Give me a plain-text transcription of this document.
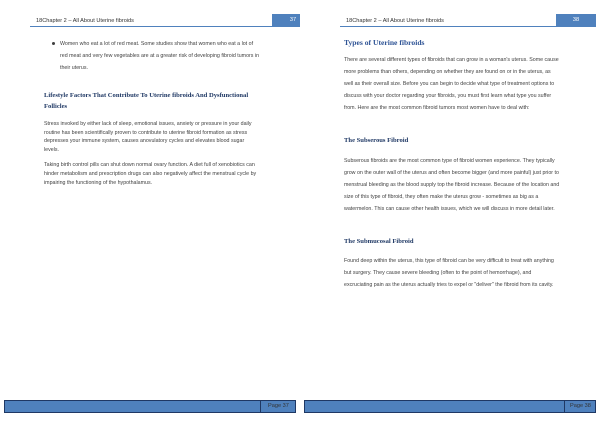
18Chapter 2 – All About Uterine fibroids	37

Women who eat a lot of red meat. Some studies show that women who eat a lot of red meat and very few vegetables are at a greater risk of developing fibroid tumors in their uterus.

Lifestyle Factors That Contribute To Uterine fibroids And Dysfunctional Follicles

Stress invoked by either lack of sleep, emotional issues, anxiety or pressure in your daily routine has been scientifically proven to contribute to uterine fibroid formation as stress depresses your immune system, causes anovulatory cycles and elevates blood sugar levels.

Taking birth control pills can shut down normal ovary function. A diet full of xenobiotics can hinder metabolism and prescription drugs can also negatively affect the menstrual cycle by impairing the functioning of the hypothalamus.

Page 37
18Chapter 2 – All About Uterine fibroids	38

Types of Uterine fibroids

There are several different types of fibroids that can grow in a woman's uterus. Some cause more problems than others, depending on whether they are found on or in the uterus, as well as their overall size. Before you can begin to decide what type of treatment options to discuss with your doctor regarding your fibroids, you must first learn what type you suffer from. Here are the most common fibroid tumors most women have to deal with:

The Subserous Fibroid

Subserous fibroids are the most common type of fibroid women experience. They typically grow on the outer wall of the uterus and often become bigger (and more painful) just prior to menstrual bleeding as the blood supply top the fibroid increase. Because of the location and size of this type of fibroid, they often make the uterus grow - sometimes as big as a watermelon. This can cause other health issues, which we will discuss in more detail later.

The Submucosal Fibroid

Found deep within the uterus, this type of fibroid can be very difficult to treat with anything but surgery. They cause severe bleeding (often to the point of hemorrhage), and excruciating pain as the uterus actually tries to expel or "deliver" the fibroid from its cavity.

Page 38
